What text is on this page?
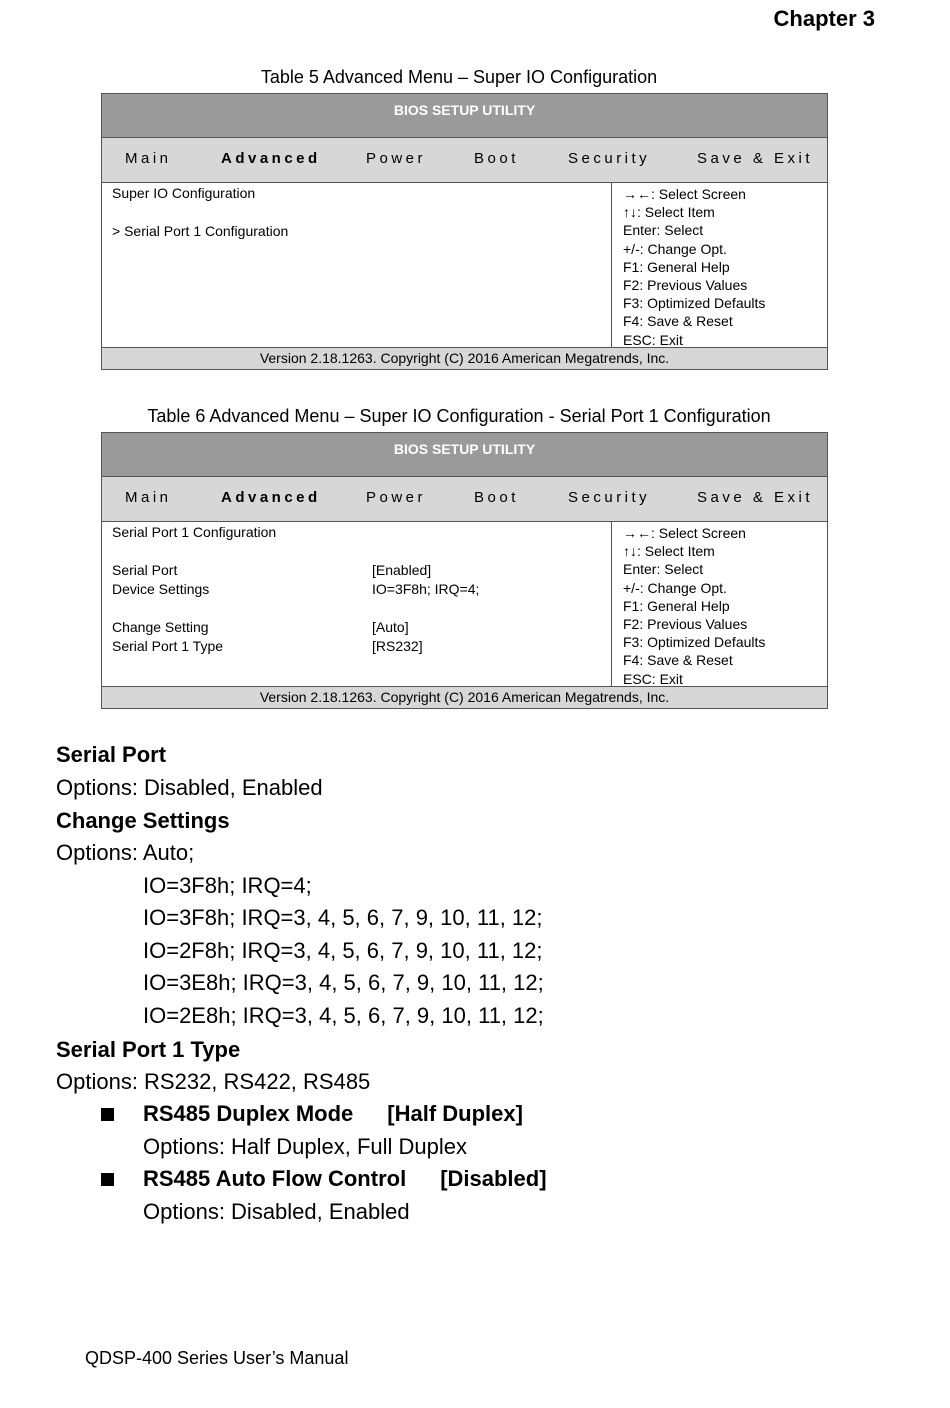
Chapter 3
Table 5 Advanced Menu – Super IO Configuration
BIOS SETUP UTILITY
Main	Advanced	Power	Boot	Security	Save & Exit
Super IO Configuration
> Serial Port 1 Configuration
→←: Select Screen
↑↓: Select Item
Enter: Select
+/-: Change Opt.
F1: General Help
F2: Previous Values
F3: Optimized Defaults
F4: Save & Reset
ESC: Exit
Version 2.18.1263. Copyright (C) 2016 American Megatrends, Inc.
Table 6 Advanced Menu – Super IO Configuration - Serial Port 1 Configuration
BIOS SETUP UTILITY
Main	Advanced	Power	Boot	Security	Save & Exit
Serial Port 1 Configuration
Serial Port	[Enabled]
Device Settings	IO=3F8h; IRQ=4;
Change Setting	[Auto]
Serial Port 1 Type	[RS232]
→←: Select Screen
↑↓: Select Item
Enter: Select
+/-: Change Opt.
F1: General Help
F2: Previous Values
F3: Optimized Defaults
F4: Save & Reset
ESC: Exit
Version 2.18.1263. Copyright (C) 2016 American Megatrends, Inc.
Serial Port
Options: Disabled, Enabled
Change Settings
Options: Auto;
IO=3F8h; IRQ=4;
IO=3F8h; IRQ=3, 4, 5, 6, 7, 9, 10, 11, 12;
IO=2F8h; IRQ=3, 4, 5, 6, 7, 9, 10, 11, 12;
IO=3E8h; IRQ=3, 4, 5, 6, 7, 9, 10, 11, 12;
IO=2E8h; IRQ=3, 4, 5, 6, 7, 9, 10, 11, 12;
Serial Port 1 Type
Options: RS232, RS422, RS485
RS485 Duplex Mode [Half Duplex]
Options: Half Duplex, Full Duplex
RS485 Auto Flow Control [Disabled]
Options: Disabled, Enabled
QDSP-400 Series User’s Manual
